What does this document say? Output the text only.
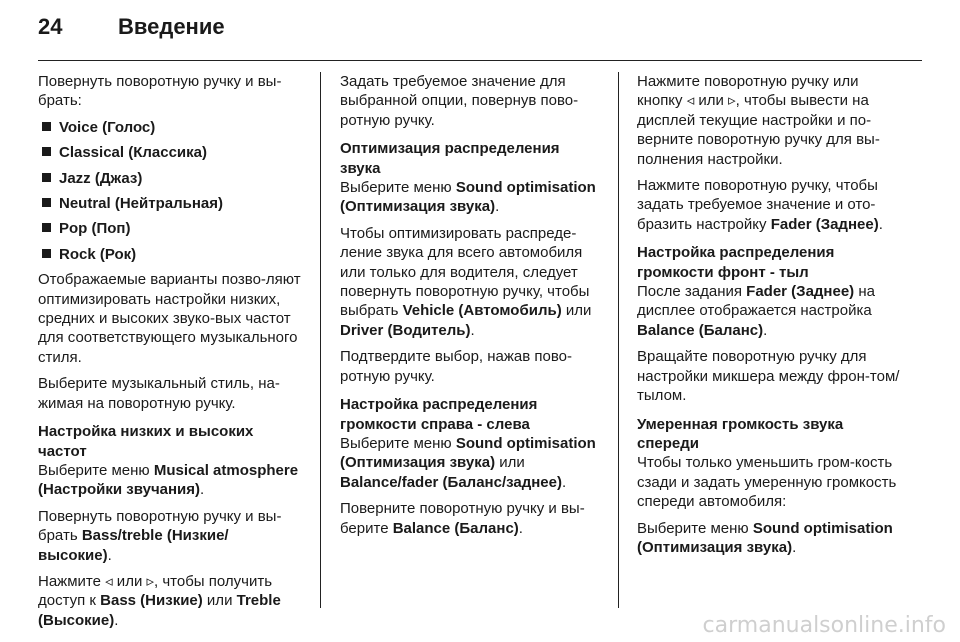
24	Введение

Повернуть поворотную ручку и вы-брать:

Voice (Голос)
Classical (Классика)
Jazz (Джаз)
Neutral (Нейтральная)
Pop (Поп)
Rock (Рок)

Отображаемые варианты позво-ляют оптимизировать настройки низких, средних и высоких звуко-вых частот для соответствующего музыкального стиля.

Выберите музыкальный стиль, на-жимая на поворотную ручку.

Настройка низких и высоких частот

Выберите меню Musical atmosphere (Настройки звучания).

Повернуть поворотную ручку и вы-брать Bass/treble (Низкие/высокие).

Нажмите ◃ или ▹, чтобы получить доступ к Bass (Низкие) или Treble (Высокие).

Задать требуемое значение для выбранной опции, повернув пово-ротную ручку.

Оптимизация распределения звука

Выберите меню Sound optimisation (Оптимизация звука).

Чтобы оптимизировать распреде-ление звука для всего автомобиля или только для водителя, следует повернуть поворотную ручку, чтобы выбрать Vehicle (Автомобиль) или Driver (Водитель).

Подтвердите выбор, нажав пово-ротную ручку.

Настройка распределения громкости справа - слева

Выберите меню Sound optimisation (Оптимизация звука) или Balance/fader (Баланс/заднее).

Поверните поворотную ручку и вы-берите Balance (Баланс).

Нажмите поворотную ручку или кнопку ◃ или ▹, чтобы вывести на дисплей текущие настройки и по-верните поворотную ручку для вы-полнения настройки.

Нажмите поворотную ручку, чтобы задать требуемое значение и ото-бразить настройку Fader (Заднее).

Настройка распределения громкости фронт - тыл

После задания Fader (Заднее) на дисплее отображается настройка Balance (Баланс).

Вращайте поворотную ручку для настройки микшера между фрон-том/тылом.

Умеренная громкость звука спереди

Чтобы только уменьшить гром-кость сзади и задать умеренную громкость спереди автомобиля:

Выберите меню Sound optimisation (Оптимизация звука).

carmanualsonline.info
